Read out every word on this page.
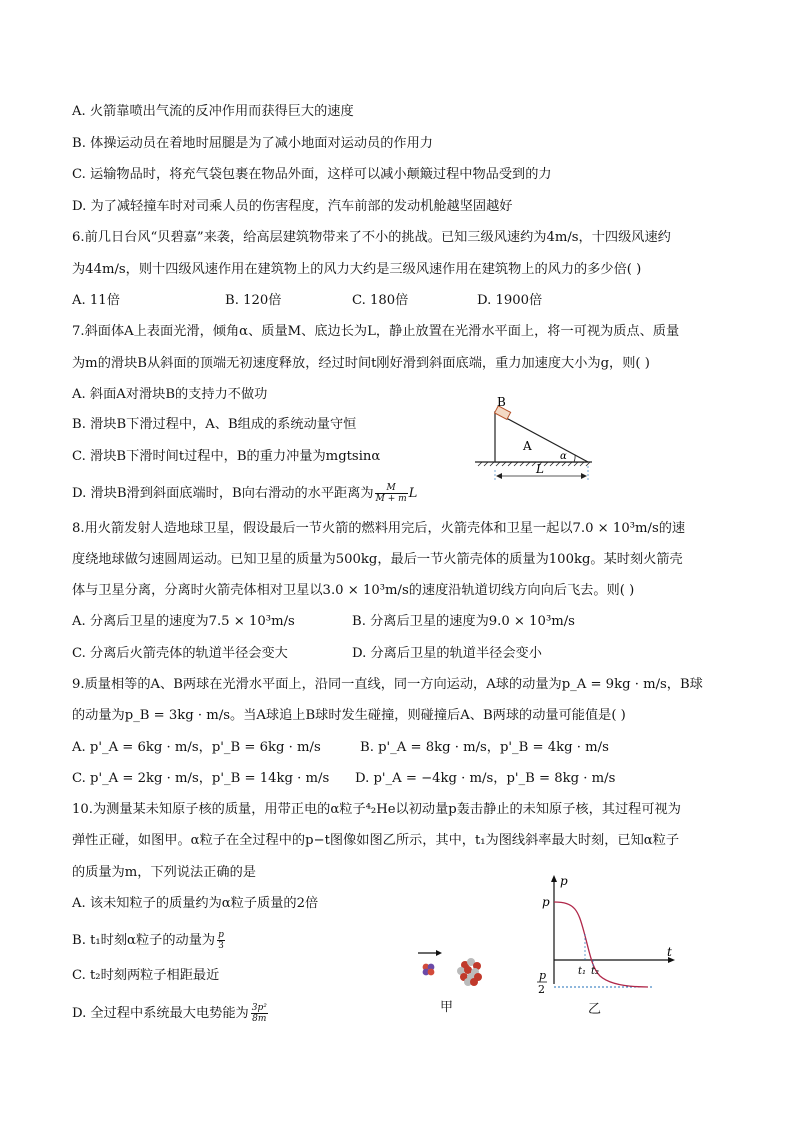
A. 火箭靠喷出气流的反冲作用而获得巨大的速度
B. 体操运动员在着地时屈腿是为了减小地面对运动员的作用力
C. 运输物品时，将充气袋包裹在物品外面，这样可以减小颠簸过程中物品受到的力
D. 为了减轻撞车时对司乘人员的伤害程度，汽车前部的发动机舱越坚固越好
6.前几日台风“贝碧嘉”来袭，给高层建筑物带来了不小的挑战。已知三级风速约为4m/s，十四级风速约
为44m/s，则十四级风速作用在建筑物上的风力大约是三级风速作用在建筑物上的风力的多少倍( )
A. 11倍	B. 120倍	C. 180倍	D. 1900倍
7.斜面体A上表面光滑，倾角α、质量M、底边长为L，静止放置在光滑水平面上，将一可视为质点、质量
为m的滑块B从斜面的顶端无初速度释放，经过时间t刚好滑到斜面底端，重力加速度大小为g，则( )
A. 斜面A对滑块B的支持力不做功
B. 滑块B下滑过程中，A、B组成的系统动量守恒
C. 滑块B下滑时间t过程中，B的重力冲量为mgtsinα
D. 滑块B滑到斜面底端时，B向右滑动的水平距离为 $\frac{M}{M + m}$ L
B
A
α
L
8.用火箭发射人造地球卫星，假设最后一节火箭的燃料用完后，火箭壳体和卫星一起以7.0 × 10³m/s的速
度绕地球做匀速圆周运动。已知卫星的质量为500kg，最后一节火箭壳体的质量为100kg。某时刻火箭壳
体与卫星分离，分离时火箭壳体相对卫星以3.0 × 10³m/s的速度沿轨道切线方向向后飞去。则( )
A. 分离后卫星的速度为7.5 × 10³m/s	B. 分离后卫星的速度为9.0 × 10³m/s
C. 分离后火箭壳体的轨道半径会变大	D. 分离后卫星的轨道半径会变小
9.质量相等的A、B两球在光滑水平面上，沿同一直线，同一方向运动，A球的动量为p_A = 9kg · m/s，B球
的动量为p_B = 3kg · m/s。当A球追上B球时发生碰撞，则碰撞后A、B两球的动量可能值是( )
A. p'_A = 6kg · m/s，p'_B = 6kg · m/s	B. p'_A = 8kg · m/s，p'_B = 4kg · m/s
C. p'_A = 2kg · m/s，p'_B = 14kg · m/s D. p'_A = −4kg · m/s，p'_B = 8kg · m/s
10.为测量某未知原子核的质量，用带正电的α粒子⁴₂He以初动量p轰击静止的未知原子核，其过程可视为
弹性正碰，如图甲。α粒子在全过程中的p−t图像如图乙所示，其中，t₁为图线斜率最大时刻，已知α粒子
的质量为m，下列说法正确的是
A. 该未知粒子的质量约为α粒子质量的2倍
B. t₁时刻α粒子的动量为 $\frac{p}{3}$
C. t₂时刻两粒子相距最近
D. 全过程中系统最大电势能为 $\frac{\text{3p²}}{8m}$	甲
p
t
p
t₁ t₂
p
2
乙
